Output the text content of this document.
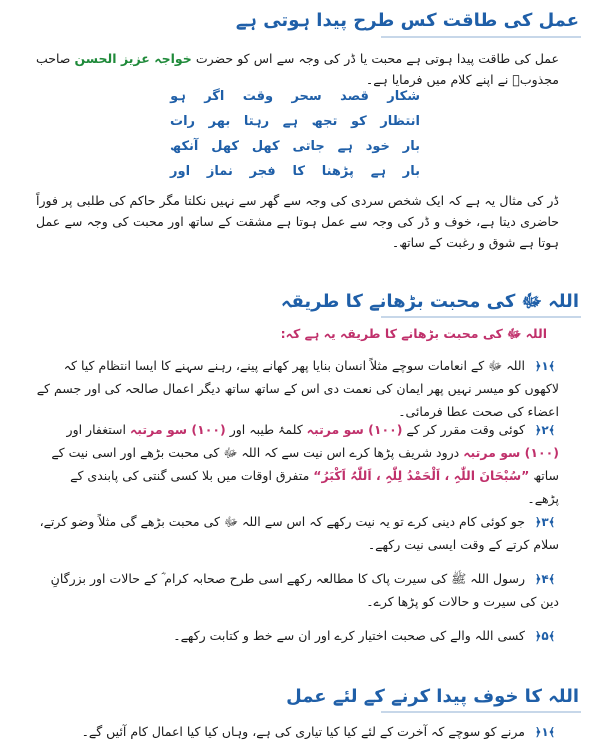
عمل کی طاقت کس طرح پیدا ہوتی ہے
عمل کی طاقت پیدا ہوتی ہے محبت یا ڈر کی وجہ سے اس کو حضرت خواجہ عزیز الحسن صاحب مجذوبؒ نے اپنے کلام میں فرمایا ہے۔
شکار
قصد
سحر
وقت
اگر
ہو
انتظار
کو
تجھ
ہے
رہتا
بھر
رات
بار
خود
ہے
جاتی
کھل
کھل
آنکھ
بار
ہے
پڑھنا
کا
فجر
نماز
اور
ڈر کی مثال یہ ہے کہ ایک شخص سردی کی وجہ سے گھر سے نہیں نکلتا مگر حاکم کی طلبی پر فوراً حاضری دیتا ہے، خوف و ڈر کی وجہ سے عمل ہوتا ہے مشقت کے ساتھ اور محبت کی وجہ سے عمل ہوتا ہے شوق و رغبت کے ساتھ۔
اللہ ﷻ کی محبت بڑھانے کا طریقہ
اللہ ﷻ کی محبت بڑھانے کا طریقہ یہ ہے کہ:
﴾
۱
﴿
اللہ ﷻ کے انعامات سوچے مثلاً انسان بنایا پھر کھانے پینے، رہنے سہنے کا ایسا انتظام کیا کہ لاکھوں کو میسر نہیں پھر ایمان کی نعمت دی اس کے ساتھ ساتھ دیگر اعمال صالحہ کی اور جسم کے اعضاء کی صحت عطا فرمائی۔
﴾
۲
﴿
کوئی وقت مقرر کر کے (۱۰۰) سو مرتبہ کلمۂ طیبہ اور (۱۰۰) سو مرتبہ استغفار اور (۱۰۰) سو مرتبہ درود شریف پڑھا کرے اس نیت سے کہ اللہ ﷻ کی محبت بڑھے اور اسی نیت کے ساتھ ”سُبْحَانَ اللّٰہِ ، اَلْحَمْدُ لِلّٰہِ ، اَللّٰہُ اَکْبَرُ“ متفرق اوقات میں بلا کسی گنتی کی پابندی کے پڑھے۔
﴾
۳
﴿
جو کوئی کام دینی کرے تو یہ نیت رکھے کہ اس سے اللہ ﷻ کی محبت بڑھے گی مثلاً وضو کرتے، سلام کرتے کے وقت ایسی نیت رکھے۔
﴾
۴
﴿
رسول اللہ ﷺ کی سیرت پاک کا مطالعہ رکھے اسی طرح صحابہ کرام ؓ کے حالات اور بزرگانِ دین کی سیرت و حالات کو پڑھا کرے۔
﴾
۵
﴿
کسی اللہ والے کی صحبت اختیار کرے اور ان سے خط و کتابت رکھے۔
اللہ کا خوف پیدا کرنے کے لئے عمل
﴾
۱
﴿
مرنے کو سوچے کہ آخرت کے لئے کیا کیا تیاری کی ہے، وہاں کیا کیا اعمال کام آئیں گے۔
